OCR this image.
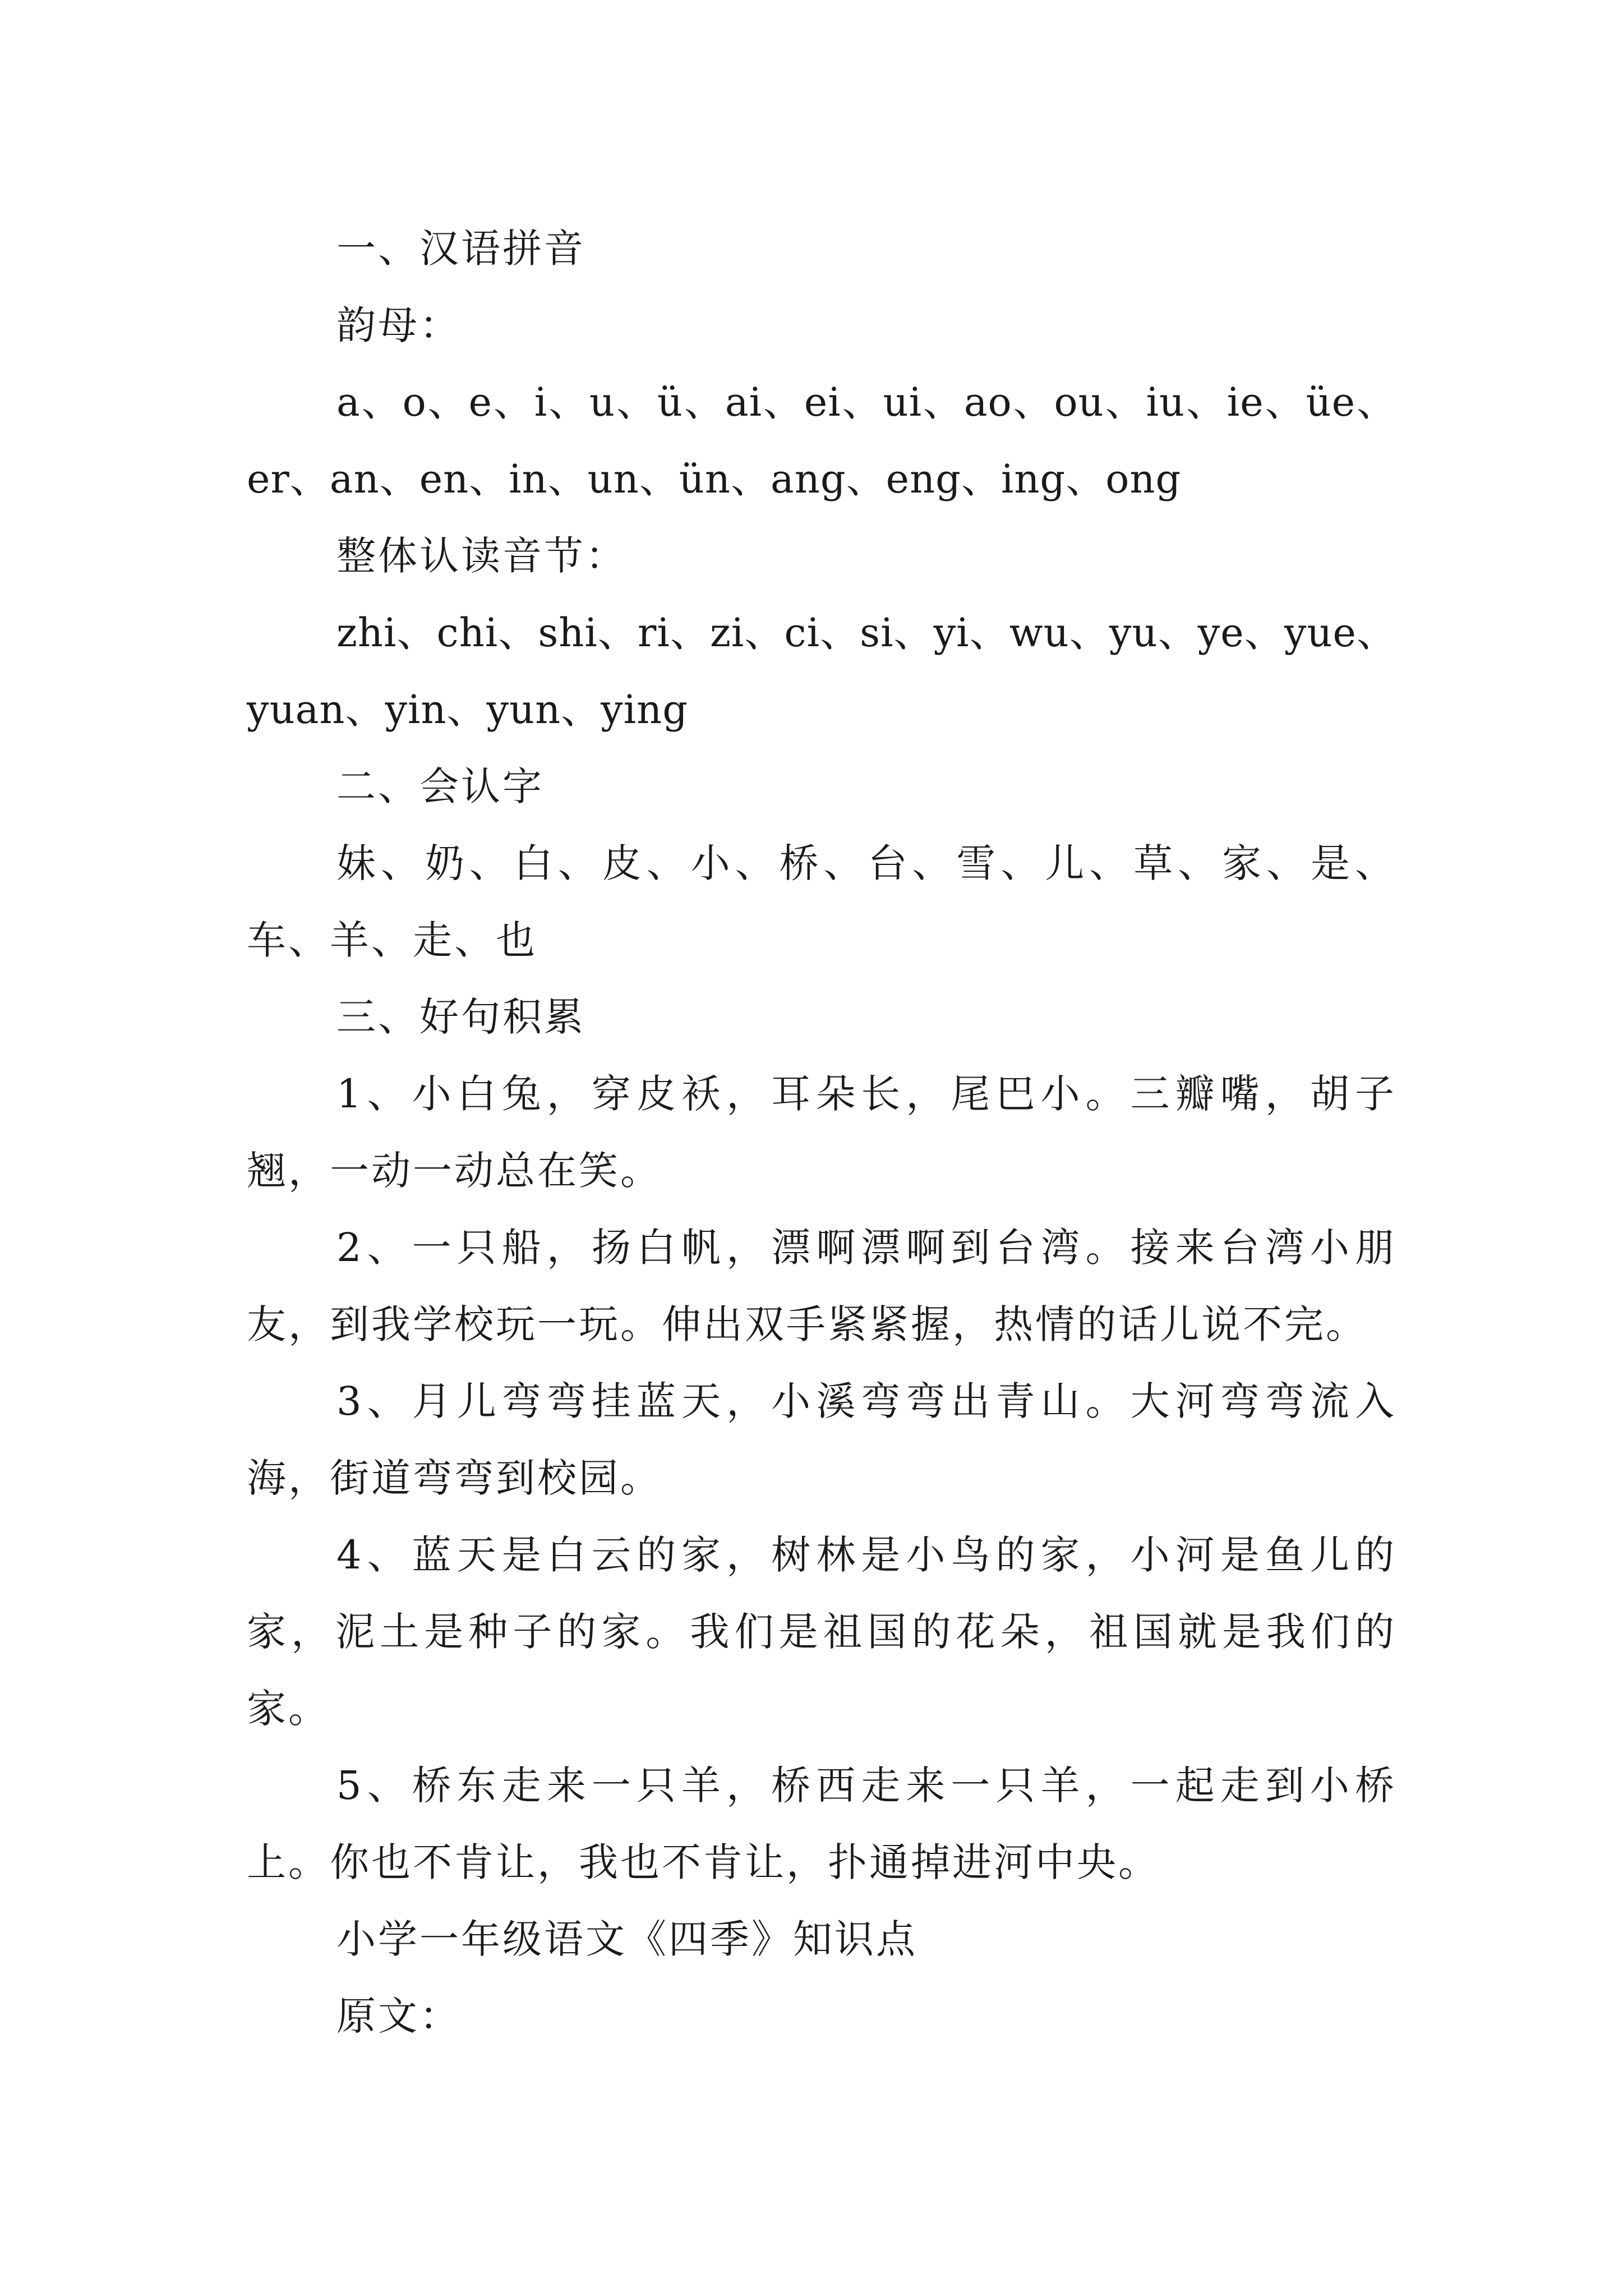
一、汉语拼音

韵母：

a、o、e、i、u、ü、ai、ei、ui、ao、ou、iu、ie、üe、er、an、en、in、un、ün、ang、eng、ing、ong

整体认读音节：

zhi、chi、shi、ri、zi、ci、si、yi、wu、yu、ye、yue、yuan、yin、yun、ying

二、会认字

妹、奶、白、皮、小、桥、台、雪、儿、草、家、是、车、羊、走、也

三、好句积累

1、小白兔，穿皮袄，耳朵长，尾巴小。三瓣嘴，胡子翘，一动一动总在笑。

2、一只船，扬白帆，漂啊漂啊到台湾。接来台湾小朋友，到我学校玩一玩。伸出双手紧紧握，热情的话儿说不完。

3、月儿弯弯挂蓝天，小溪弯弯出青山。大河弯弯流入海，街道弯弯到校园。

4、蓝天是白云的家，树林是小鸟的家，小河是鱼儿的家，泥土是种子的家。我们是祖国的花朵，祖国就是我们的家。

5、桥东走来一只羊，桥西走来一只羊，一起走到小桥上。你也不肯让，我也不肯让，扑通掉进河中央。

小学一年级语文《四季》知识点

原文：
